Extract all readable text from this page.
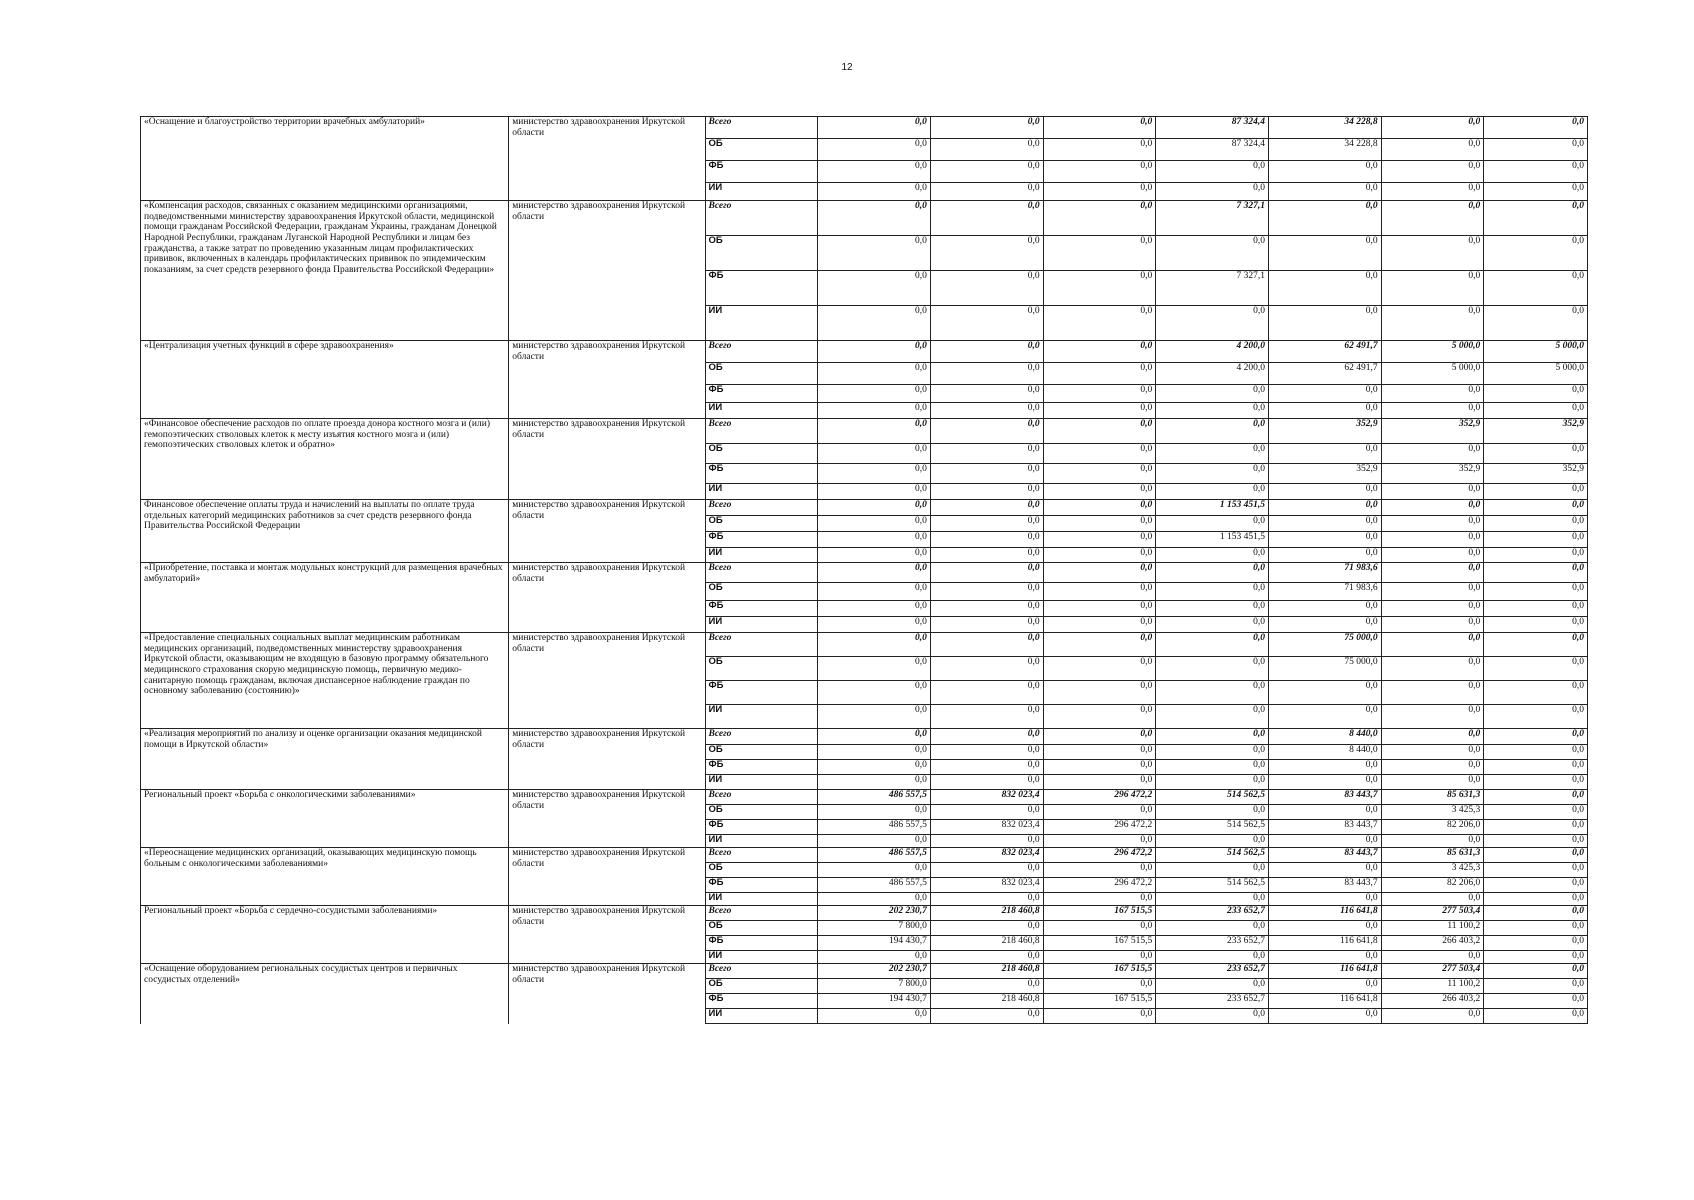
12
«Оснащение и благоустройство территории врачебных амбулаторий»	министерство здравоохранения Иркутской области	Всего	0,0	0,0	0,0	87 324,4	34 228,8	0,0	0,0
		ОБ	0,0	0,0	0,0	87 324,4	34 228,8	0,0	0,0
		ФБ	0,0	0,0	0,0	0,0	0,0	0,0	0,0
		ИИ	0,0	0,0	0,0	0,0	0,0	0,0	0,0
«Компенсация расходов, связанных с оказанием медицинскими организациями, подведомственными министерству здравоохранения Иркутской области, медицинской помощи гражданам Российской Федерации, гражданам Украины, гражданам Донецкой Народной Республики, гражданам Луганской Народной Республики и лицам без гражданства, а также затрат по проведению указанным лицам профилактических прививок, включенных в календарь профилактических прививок по эпидемическим показаниям, за счет средств резервного фонда Правительства Российской Федерации»	министерство здравоохранения Иркутской области	Всего	0,0	0,0	0,0	7 327,1	0,0	0,0	0,0
		ОБ	0,0	0,0	0,0	0,0	0,0	0,0	0,0
		ФБ	0,0	0,0	0,0	7 327,1	0,0	0,0	0,0
		ИИ	0,0	0,0	0,0	0,0	0,0	0,0	0,0
«Централизация учетных функций в сфере здравоохранения»	министерство здравоохранения Иркутской области	Всего	0,0	0,0	0,0	4 200,0	62 491,7	5 000,0	5 000,0
		ОБ	0,0	0,0	0,0	4 200,0	62 491,7	5 000,0	5 000,0
		ФБ	0,0	0,0	0,0	0,0	0,0	0,0	0,0
		ИИ	0,0	0,0	0,0	0,0	0,0	0,0	0,0
«Финансовое обеспечение расходов по оплате проезда донора костного мозга и (или) гемопоэтических стволовых клеток к месту изъятия костного мозга и (или) гемопоэтических стволовых клеток и обратно»	министерство здравоохранения Иркутской области	Всего	0,0	0,0	0,0	0,0	352,9	352,9	352,9
		ОБ	0,0	0,0	0,0	0,0	0,0	0,0	0,0
		ФБ	0,0	0,0	0,0	0,0	352,9	352,9	352,9
		ИИ	0,0	0,0	0,0	0,0	0,0	0,0	0,0
Финансовое обеспечение оплаты труда и начислений на выплаты по оплате труда отдельных категорий медицинских работников за счет средств резервного фонда Правительства Российской Федерации	министерство здравоохранения Иркутской области	Всего	0,0	0,0	0,0	1 153 451,5	0,0	0,0	0,0
		ОБ	0,0	0,0	0,0	0,0	0,0	0,0	0,0
		ФБ	0,0	0,0	0,0	1 153 451,5	0,0	0,0	0,0
		ИИ	0,0	0,0	0,0	0,0	0,0	0,0	0,0
«Приобретение, поставка и монтаж модульных конструкций для размещения врачебных амбулаторий»	министерство здравоохранения Иркутской области	Всего	0,0	0,0	0,0	0,0	71 983,6	0,0	0,0
		ОБ	0,0	0,0	0,0	0,0	71 983,6	0,0	0,0
		ФБ	0,0	0,0	0,0	0,0	0,0	0,0	0,0
		ИИ	0,0	0,0	0,0	0,0	0,0	0,0	0,0
«Предоставление специальных социальных выплат медицинским работникам медицинских организаций, подведомственных министерству здравоохранения Иркутской области, оказывающим не входящую в базовую программу обязательного медицинского страхования скорую медицинскую помощь, первичную медико-санитарную помощь гражданам, включая диспансерное наблюдение граждан по основному заболеванию (состоянию)»	министерство здравоохранения Иркутской области	Всего	0,0	0,0	0,0	0,0	75 000,0	0,0	0,0
		ОБ	0,0	0,0	0,0	0,0	75 000,0	0,0	0,0
		ФБ	0,0	0,0	0,0	0,0	0,0	0,0	0,0
		ИИ	0,0	0,0	0,0	0,0	0,0	0,0	0,0
«Реализация мероприятий по анализу и оценке организации оказания медицинской помощи в Иркутской области»	министерство здравоохранения Иркутской области	Всего	0,0	0,0	0,0	0,0	8 440,0	0,0	0,0
		ОБ	0,0	0,0	0,0	0,0	8 440,0	0,0	0,0
		ФБ	0,0	0,0	0,0	0,0	0,0	0,0	0,0
		ИИ	0,0	0,0	0,0	0,0	0,0	0,0	0,0
Региональный проект «Борьба с онкологическими заболеваниями»	министерство здравоохранения Иркутской области	Всего	486 557,5	832 023,4	296 472,2	514 562,5	83 443,7	85 631,3	0,0
		ОБ	0,0	0,0	0,0	0,0	0,0	3 425,3	0,0
		ФБ	486 557,5	832 023,4	296 472,2	514 562,5	83 443,7	82 206,0	0,0
		ИИ	0,0	0,0	0,0	0,0	0,0	0,0	0,0
«Переоснащение медицинских организаций, оказывающих медицинскую помощь больным с онкологическими заболеваниями»	министерство здравоохранения Иркутской области	Всего	486 557,5	832 023,4	296 472,2	514 562,5	83 443,7	85 631,3	0,0
		ОБ	0,0	0,0	0,0	0,0	0,0	3 425,3	0,0
		ФБ	486 557,5	832 023,4	296 472,2	514 562,5	83 443,7	82 206,0	0,0
		ИИ	0,0	0,0	0,0	0,0	0,0	0,0	0,0
Региональный проект «Борьба с сердечно-сосудистыми заболеваниями»	министерство здравоохранения Иркутской области	Всего	202 230,7	218 460,8	167 515,5	233 652,7	116 641,8	277 503,4	0,0
		ОБ	7 800,0	0,0	0,0	0,0	0,0	11 100,2	0,0
		ФБ	194 430,7	218 460,8	167 515,5	233 652,7	116 641,8	266 403,2	0,0
		ИИ	0,0	0,0	0,0	0,0	0,0	0,0	0,0
«Оснащение оборудованием региональных сосудистых центров и первичных сосудистых отделений»	министерство здравоохранения Иркутской области	Всего	202 230,7	218 460,8	167 515,5	233 652,7	116 641,8	277 503,4	0,0
		ОБ	7 800,0	0,0	0,0	0,0	0,0	11 100,2	0,0
		ФБ	194 430,7	218 460,8	167 515,5	233 652,7	116 641,8	266 403,2	0,0
		ИИ	0,0	0,0	0,0	0,0	0,0	0,0	0,0
